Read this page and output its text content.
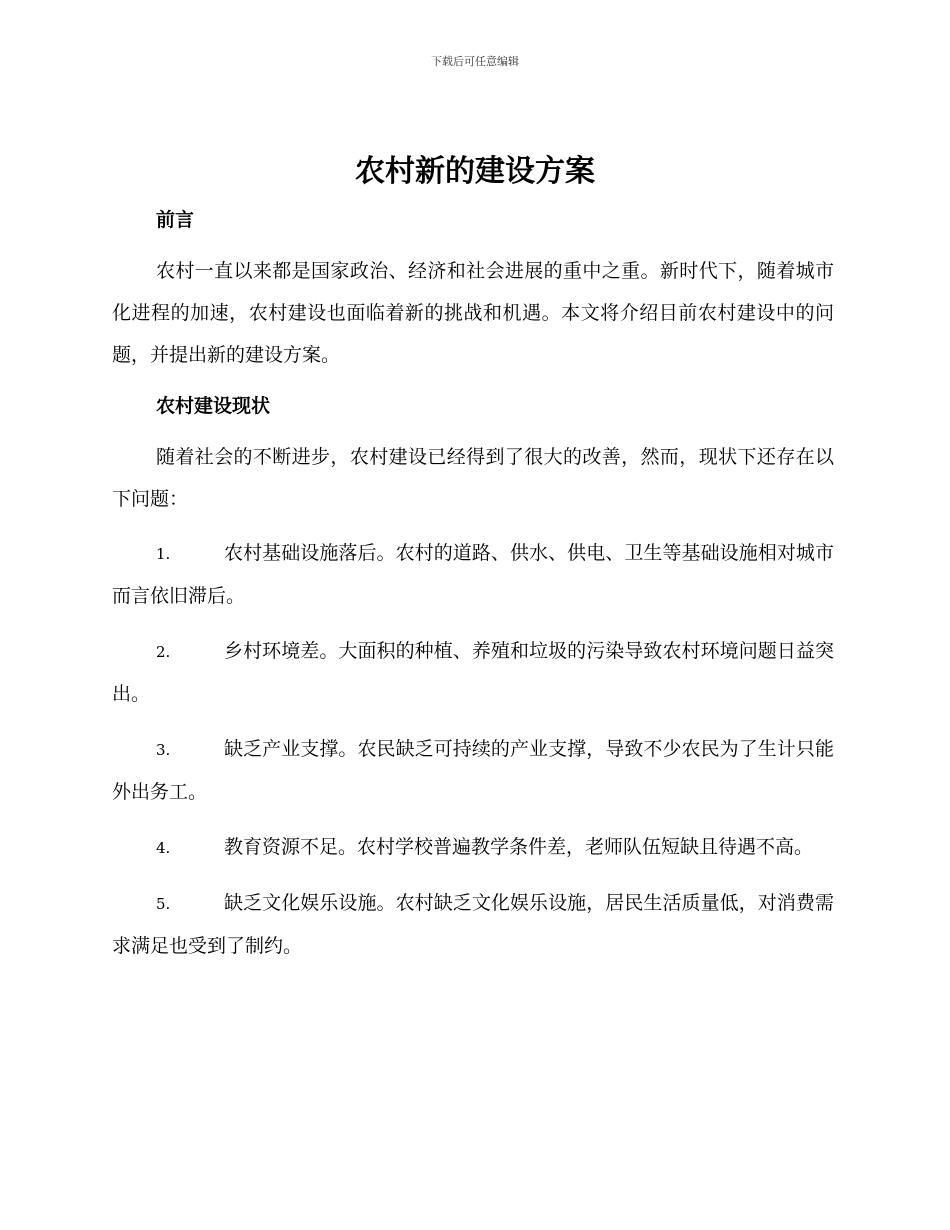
下载后可任意编辑
农村新的建设方案
前言

农村一直以来都是国家政治、经济和社会进展的重中之重。新时代下，随着城市化进程的加速，农村建设也面临着新的挑战和机遇。本文将介绍目前农村建设中的问题，并提出新的建设方案。

农村建设现状

随着社会的不断进步，农村建设已经得到了很大的改善，然而，现状下还存在以下问题：

1.	农村基础设施落后。农村的道路、供水、供电、卫生等基础设施相对城市而言依旧滞后。
2.	乡村环境差。大面积的种植、养殖和垃圾的污染导致农村环境问题日益突出。
3.	缺乏产业支撑。农民缺乏可持续的产业支撑，导致不少农民为了生计只能外出务工。
4.	教育资源不足。农村学校普遍教学条件差，老师队伍短缺且待遇不高。
5.	缺乏文化娱乐设施。农村缺乏文化娱乐设施，居民生活质量低，对消费需求满足也受到了制约。
